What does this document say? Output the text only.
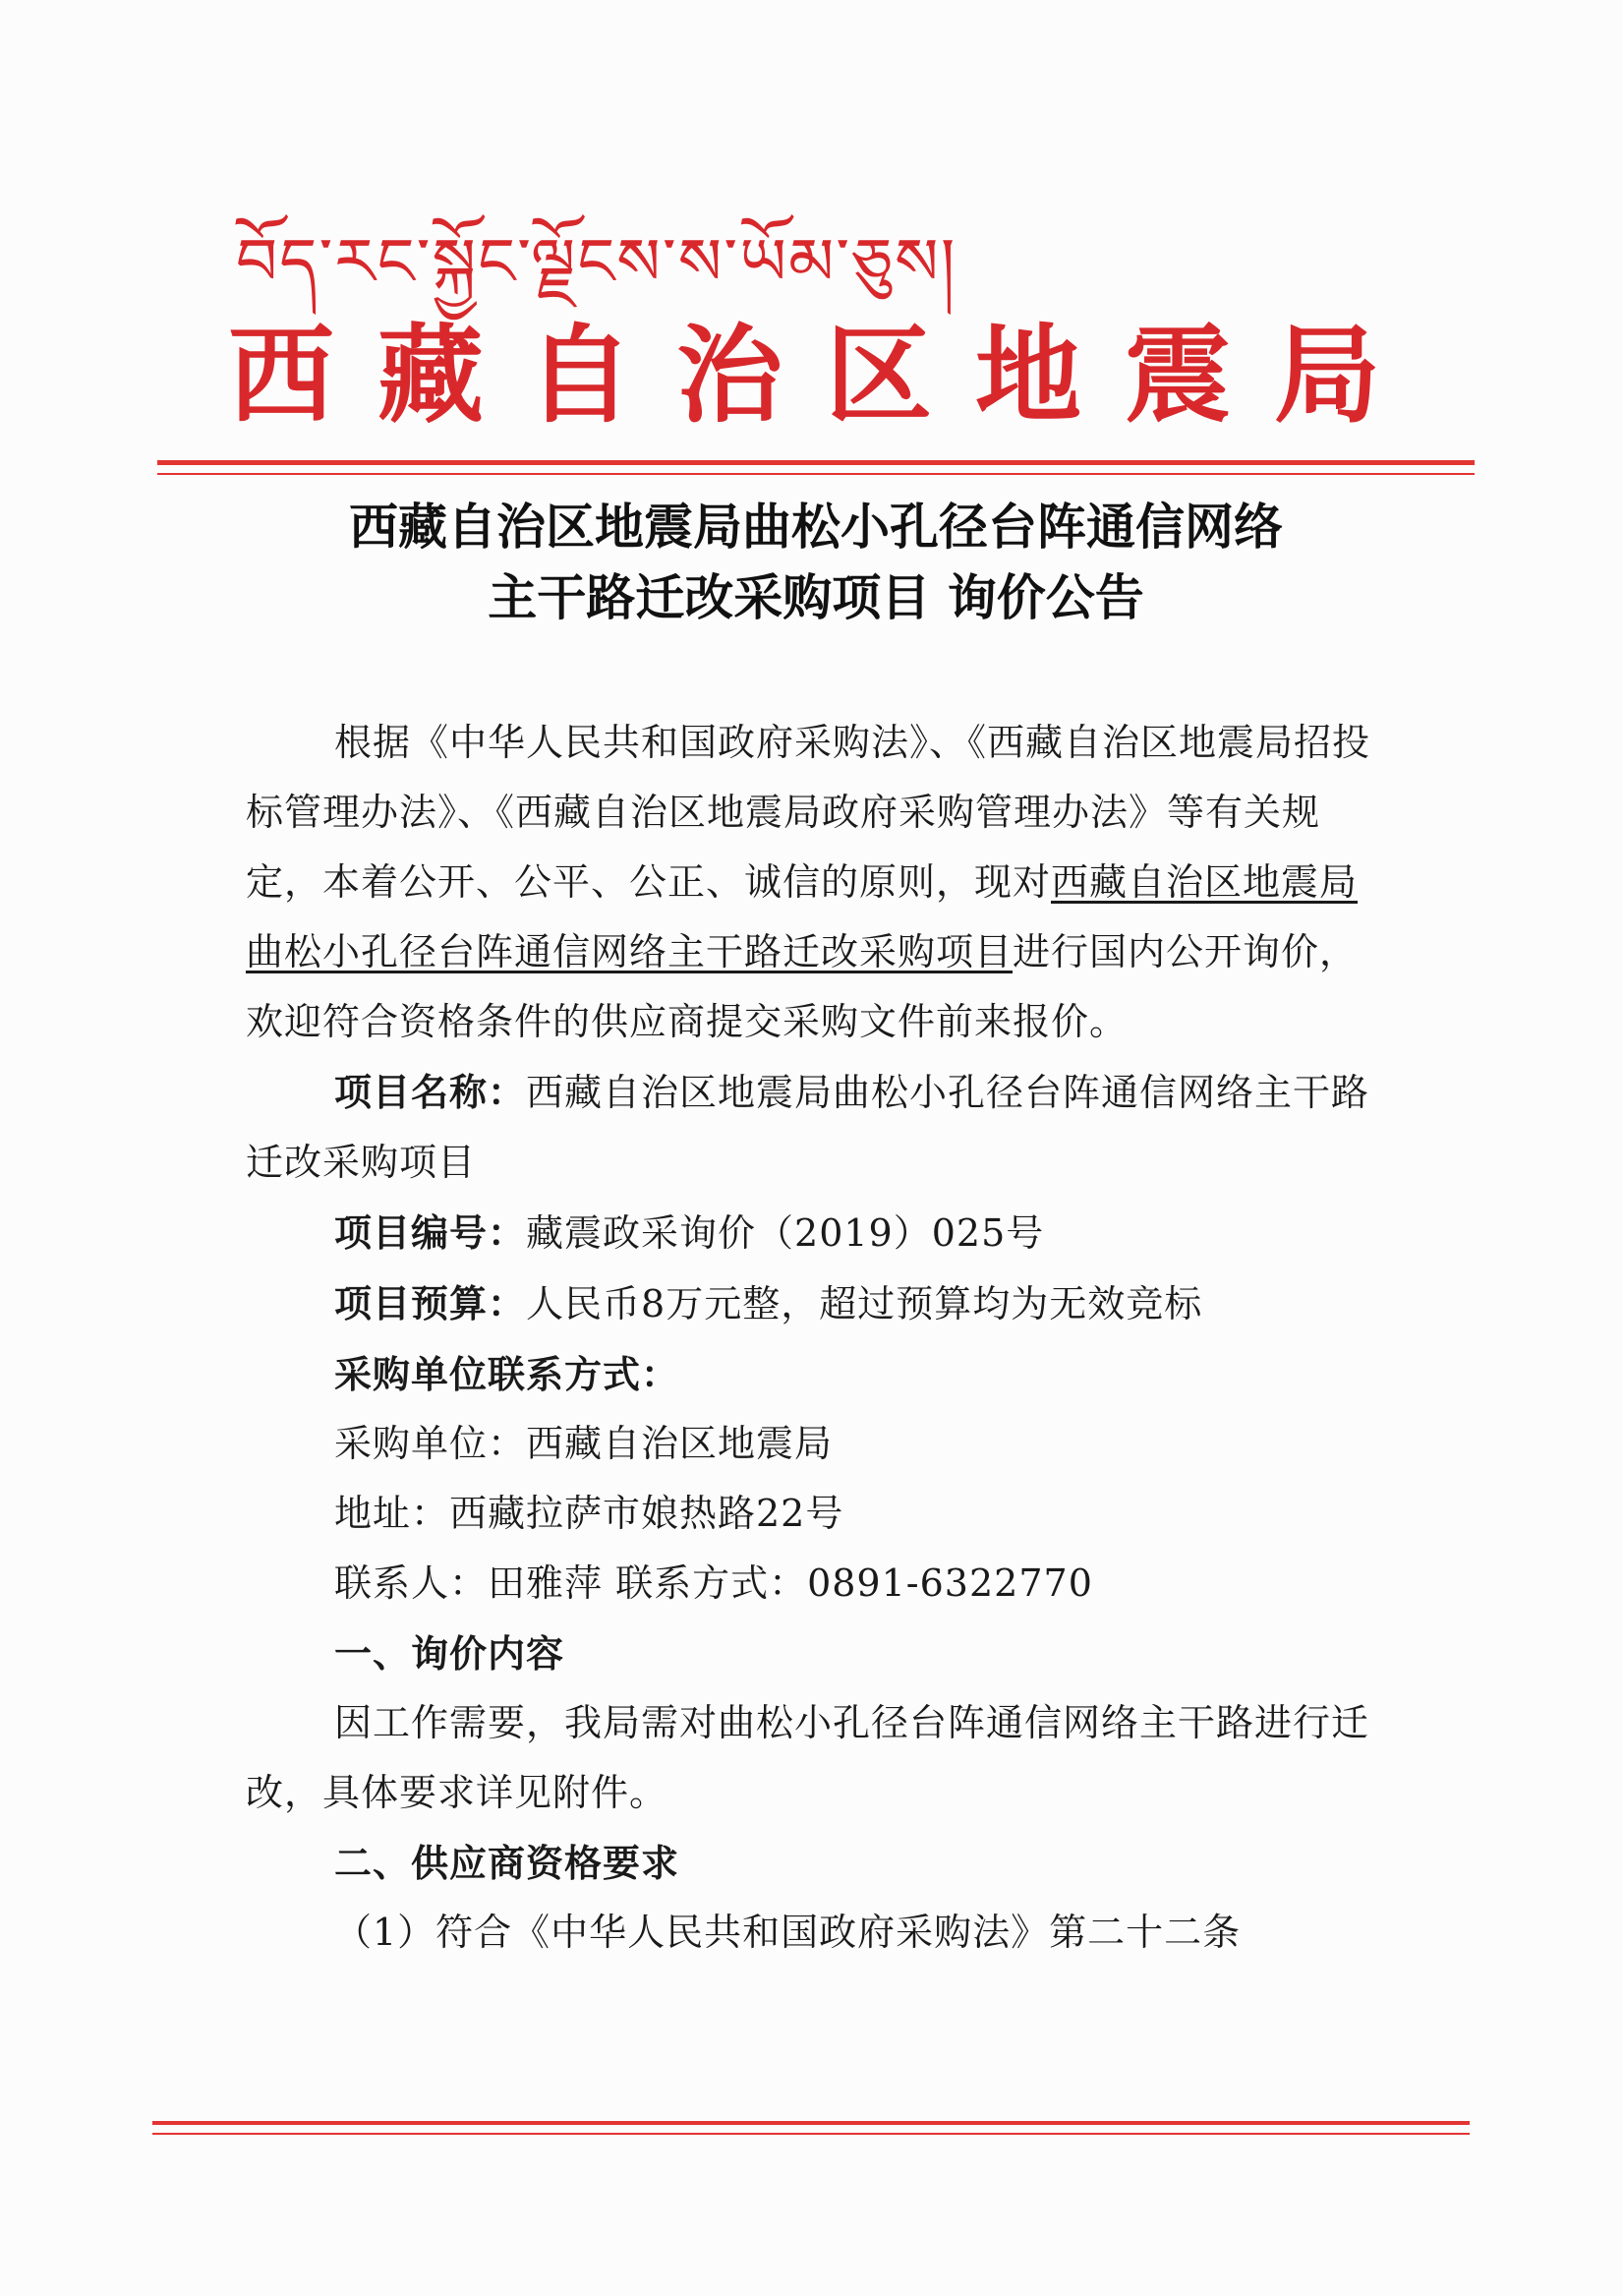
བོད་རང་སྐྱོང་ལྗོངས་ས་ཡོམ་ཅུས།
西藏自治区地震局
西藏自治区地震局曲松小孔径台阵通信网络
主干路迁改采购项目 询价公告

根据《中华人民共和国政府采购法》、《西藏自治区地震局招投标管理办法》、《西藏自治区地震局政府采购管理办法》等有关规定，本着公开、公平、公正、诚信的原则，现对西藏自治区地震局曲松小孔径台阵通信网络主干路迁改采购项目进行国内公开询价，欢迎符合资格条件的供应商提交采购文件前来报价。

项目名称：西藏自治区地震局曲松小孔径台阵通信网络主干路迁改采购项目

项目编号：藏震政采询价（2019）025号

项目预算：人民币8万元整，超过预算均为无效竞标

采购单位联系方式：

采购单位：西藏自治区地震局

地址：西藏拉萨市娘热路22号

联系人：田雅萍 联系方式：0891-6322770

一、询价内容

因工作需要，我局需对曲松小孔径台阵通信网络主干路进行迁改，具体要求详见附件。

二、供应商资格要求

（1）符合《中华人民共和国政府采购法》第二十二条
